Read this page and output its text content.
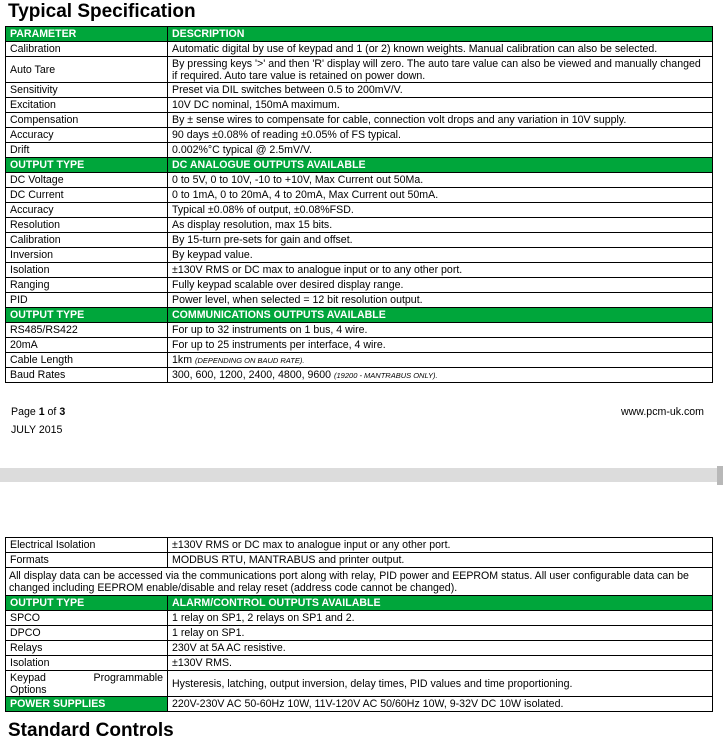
Typical Specification
PARAMETER	DESCRIPTION
Calibration	Automatic digital by use of keypad and 1 (or 2) known weights. Manual calibration can also be selected.
Auto Tare	By pressing keys '>' and then 'R' display will zero. The auto tare value can also be viewed and manually changed if required. Auto tare value is retained on power down.
Sensitivity	Preset via DIL switches between 0.5 to 200mV/V.
Excitation	10V DC nominal, 150mA maximum.
Compensation	By ± sense wires to compensate for cable, connection volt drops and any variation in 10V supply.
Accuracy	90 days ±0.08% of reading ±0.05% of FS typical.
Drift	0.002%°C typical @ 2.5mV/V.
OUTPUT TYPE	DC ANALOGUE OUTPUTS AVAILABLE
DC Voltage	0 to 5V, 0 to 10V, -10 to +10V, Max Current out 50Ma.
DC Current	0 to 1mA, 0 to 20mA, 4 to 20mA, Max Current out 50mA.
Accuracy	Typical ±0.08% of output, ±0.08%FSD.
Resolution	As display resolution, max 15 bits.
Calibration	By 15-turn pre-sets for gain and offset.
Inversion	By keypad value.
Isolation	±130V RMS or DC max to analogue input or to any other port.
Ranging	Fully keypad scalable over desired display range.
PID	Power level, when selected = 12 bit resolution output.
OUTPUT TYPE	COMMUNICATIONS OUTPUTS AVAILABLE
RS485/RS422	For up to 32 instruments on 1 bus, 4 wire.
20mA	For up to 25 instruments per interface, 4 wire.
Cable Length	1km (DEPENDING ON BAUD RATE).
Baud Rates	300, 600, 1200, 2400, 4800, 9600 (19200 - MANTRABUS ONLY).
Page 1 of 3
JULY 2015
www.pcm-uk.com
Electrical Isolation	±130V RMS or DC max to analogue input or any other port.
Formats	MODBUS RTU, MANTRABUS and printer output.
All display data can be accessed via the communications port along with relay, PID power and EEPROM status. All user configurable data can be changed including EEPROM enable/disable and relay reset (address code cannot be changed).	
OUTPUT TYPE	ALARM/CONTROL OUTPUTS AVAILABLE
SPCO	1 relay on SP1, 2 relays on SP1 and 2.
DPCO	1 relay on SP1.
Relays	230V at 5A AC resistive.
Isolation	±130V RMS.

Keypad Programmable
Options	Hysteresis, latching, output inversion, delay times, PID values and time proportioning.
POWER SUPPLIES	220V-230V AC 50-60Hz 10W, 11V-120V AC 50/60Hz 10W, 9-32V DC 10W isolated.
Standard Controls
